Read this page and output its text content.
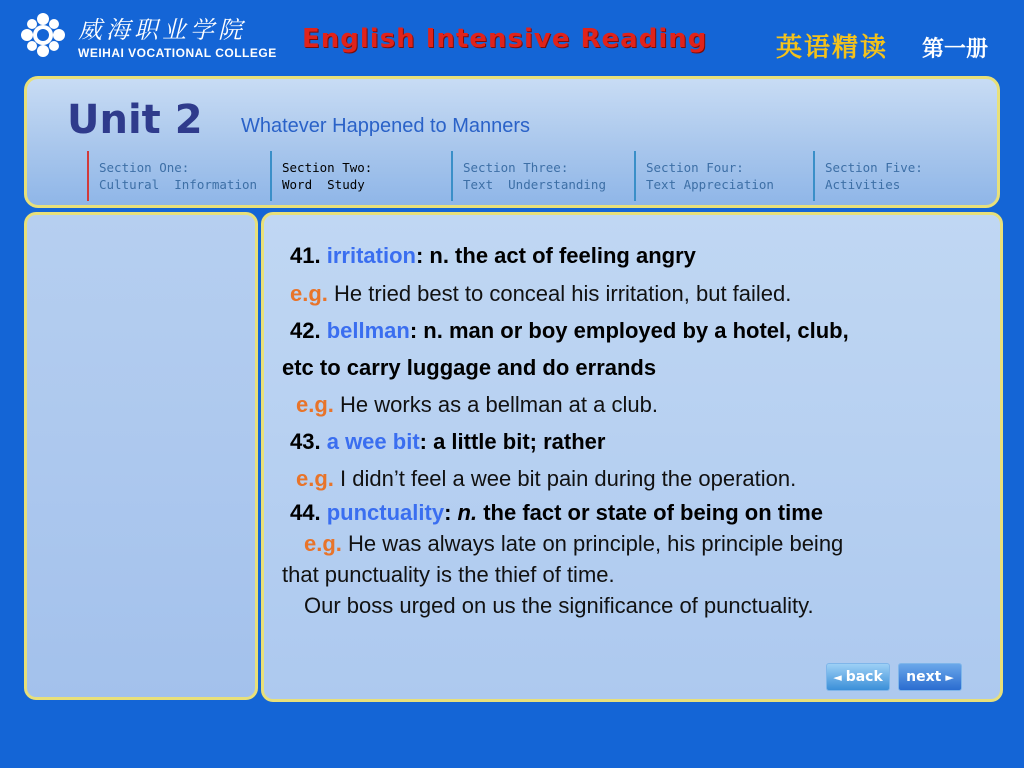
威海职业学院
WEIHAI VOCATIONAL COLLEGE English Intensive Reading	英语精读 第一册
Unit 2 Whatever Happened to Manners
Section One:
Cultural  Information
Section Two:
Word  Study
Section Three:
Text  Understanding
Section Four:
Text Appreciation
Section Five:
Activities
41. irritation: n. the act of feeling angry
e.g. He tried best to conceal his irritation, but failed.
42. bellman: n. man or boy employed by a hotel, club,
etc to carry luggage and do errands
e.g. He works as a bellman at a club.
43. a wee bit: a little bit; rather
e.g. I didn’t feel a wee bit pain during the operation.
44. punctuality: n. the fact or state of being on time
e.g. He was always late on principle, his principle being
that punctuality is the thief of time.
Our boss urged on us the significance of punctuality.
◄ back next ►
